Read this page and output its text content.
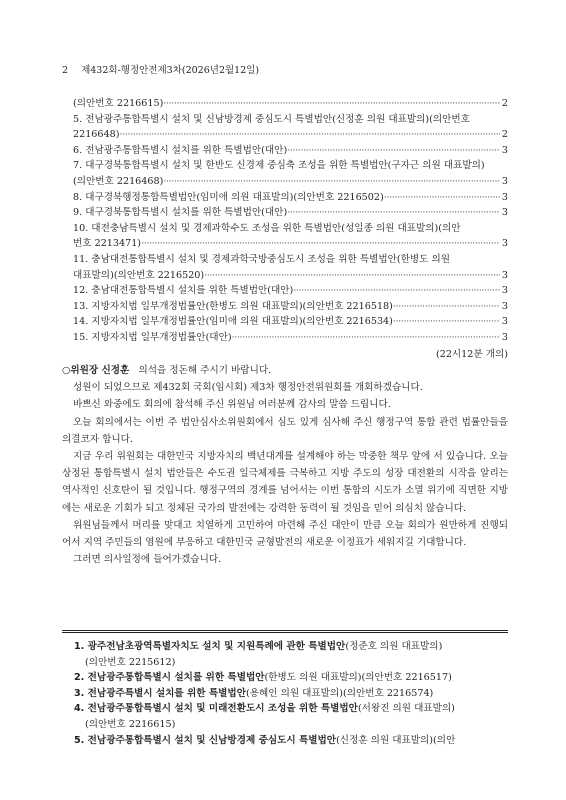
2 제432회-행정안전제3차(2026년2월12일)
(의안번호 2216615) ·····	2
5. 전남광주통합특별시 설치 및 신남방경제 중심도시 특별법안(신정훈 의원 대표발의)(의안번호
2216648) ·····	2
6. 전남광주통합특별시 설치를 위한 특별법안(대안) ·····	3
7. 대구경북통합특별시 설치 및 한반도 신경제 중심축 조성을 위한 특별법안(구자근 의원 대표발의)
(의안번호 2216468) ·····	3
8. 대구경북행정통합특별법안(임미애 의원 대표발의)(의안번호 2216502) ·····	3
9. 대구경북통합특별시 설치를 위한 특별법안(대안) ·····	3
10. 대전충남특별시 설치 및 경제과학수도 조성을 위한 특별법안(성일종 의원 대표발의)(의안
번호 2213471) ·····	3
11. 충남대전통합특별시 설치 및 경제과학국방중심도시 조성을 위한 특별법안(한병도 의원
대표발의)(의안번호 2216520) ·····	3
12. 충남대전통합특별시 설치를 위한 특별법안(대안) ·····	3
13. 지방자치법 일부개정법률안(한병도 의원 대표발의)(의안번호 2216518) ·····	3
14. 지방자치법 일부개정법률안(임미애 의원 대표발의)(의안번호 2216534) ·····	3
15. 지방자치법 일부개정법률안(대안) ·····	3
(22시12분 개의)

○위원장 신정훈 의석을 정돈해 주시기 바랍니다.

성원이 되었으므로 제432회 국회(임시회) 제3차 행정안전위원회를 개회하겠습니다.

바쁘신 와중에도 회의에 참석해 주신 위원님 여러분께 감사의 말씀 드립니다.

오늘 회의에서는 이번 주 법안심사소위원회에서 심도 있게 심사해 주신 행정구역 통합 관련 법률안들을 의결코자 합니다.

지금 우리 위원회는 대한민국 지방자치의 백년대계를 설계해야 하는 막중한 책무 앞에 서 있습니다. 오늘 상정된 통합특별시 설치 법안들은 수도권 일극체제를 극복하고 지방 주도의 성장 대전환의 시작을 알리는 역사적인 신호탄이 될 것입니다. 행정구역의 경계를 넘어서는 이번 통합의 시도가 소멸 위기에 직면한 지방에는 새로운 기회가 되고 정체된 국가의 발전에는 강력한 동력이 될 것임을 믿어 의심치 않습니다.

위원님들께서 머리를 맞대고 치열하게 고민하여 마련해 주신 대안이 만큼 오늘 회의가 원만하게 진행되어서 지역 주민들의 염원에 부응하고 대한민국 균형발전의 새로운 이정표가 세워지길 기대합니다.

그러면 의사일정에 들어가겠습니다.

1. 광주전남초광역특별자치도 설치 및 지원특례에 관한 특별법안(정준호 의원 대표발의)
(의안번호 2215612)
2. 전남광주통합특별시 설치를 위한 특별법안(한병도 의원 대표발의)(의안번호 2216517)
3. 전남광주특별시 설치를 위한 특별법안(용혜인 의원 대표발의)(의안번호 2216574)
4. 전남광주통합특별시 설치 및 미래전환도시 조성을 위한 특별법안(서왕진 의원 대표발의)
(의안번호 2216615)
5. 전남광주통합특별시 설치 및 신남방경제 중심도시 특별법안(신정훈 의원 대표발의)(의안
